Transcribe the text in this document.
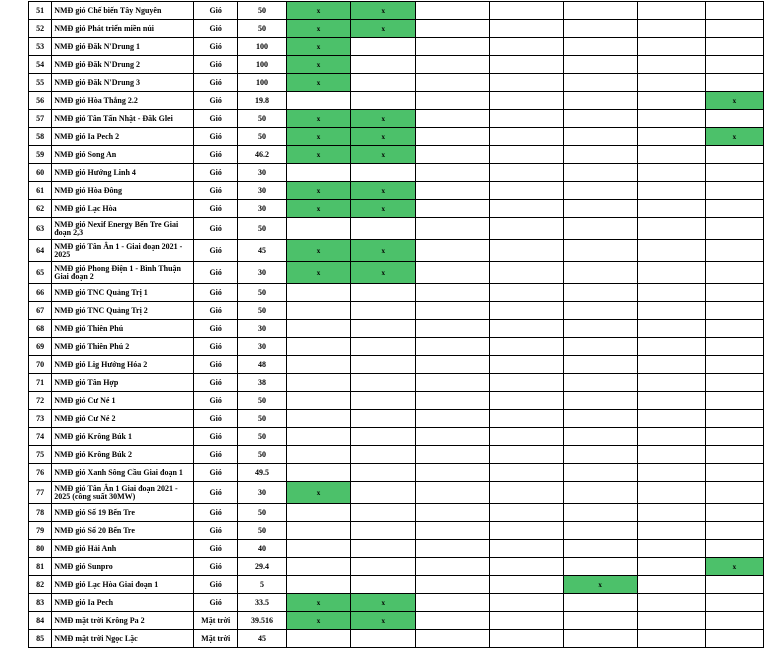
51	NMĐ gió Chế biến Tây Nguyên	Gió	50	x	x					
52	NMĐ gió Phát triển miền núi	Gió	50	x	x					
53	NMĐ gió Đăk N'Drung 1	Gió	100	x						
54	NMĐ gió Đăk N'Drung 2	Gió	100	x						
55	NMĐ gió Đăk N'Drung 3	Gió	100	x						
56	NMĐ gió Hòa Thắng 2.2	Gió	19.8							x
57	NMĐ gió Tân Tấn Nhật - Đăk Glei	Gió	50	x	x					
58	NMĐ gió Ia Pech 2	Gió	50	x	x					x
59	NMĐ gió Song An	Gió	46.2	x	x					
60	NMĐ gió Hướng Linh 4	Gió	30							
61	NMĐ gió Hòa Đông	Gió	30	x	x					
62	NMĐ gió Lạc Hòa	Gió	30	x	x					
63	NMĐ gió Nexif Energy Bến Tre Giai đoạn 2,3	Gió	50							
64	NMĐ gió Tân Ân 1 - Giai đoạn 2021 - 2025	Gió	45	x	x					
65	NMĐ gió Phong Điện 1 - Bình Thuận Giai đoạn 2	Gió	30	x	x					
66	NMĐ gió TNC Quảng Trị 1	Gió	50							
67	NMĐ gió TNC Quảng Trị 2	Gió	50							
68	NMĐ gió Thiên Phú	Gió	30							
69	NMĐ gió Thiên Phú 2	Gió	30							
70	NMĐ gió Lig Hướng Hóa 2	Gió	48							
71	NMĐ gió Tân Hợp	Gió	38							
72	NMĐ gió Cư Né 1	Gió	50							
73	NMĐ gió Cư Né 2	Gió	50							
74	NMĐ gió Krông Búk 1	Gió	50							
75	NMĐ gió Krông Búk 2	Gió	50							
76	NMĐ gió Xanh Sông Cầu Giai đoạn 1	Gió	49.5							
77	NMĐ gió Tân Ân 1 Giai đoạn 2021 - 2025 (công suất 30MW)	Gió	30	x						
78	NMĐ gió Số 19 Bến Tre	Gió	50							
79	NMĐ gió Số 20 Bến Tre	Gió	50							
80	NMĐ gió Hải Anh	Gió	40							
81	NMĐ gió Sunpro	Gió	29.4							x
82	NMĐ gió Lạc Hòa Giai đoạn 1	Gió	5					x		
83	NMĐ gió Ia Pech	Gió	33.5	x	x					
84	NMĐ mặt trời Krông Pa 2	Mặt trời	39.516	x	x					
85	NMĐ mặt trời Ngọc Lặc	Mặt trời	45							
